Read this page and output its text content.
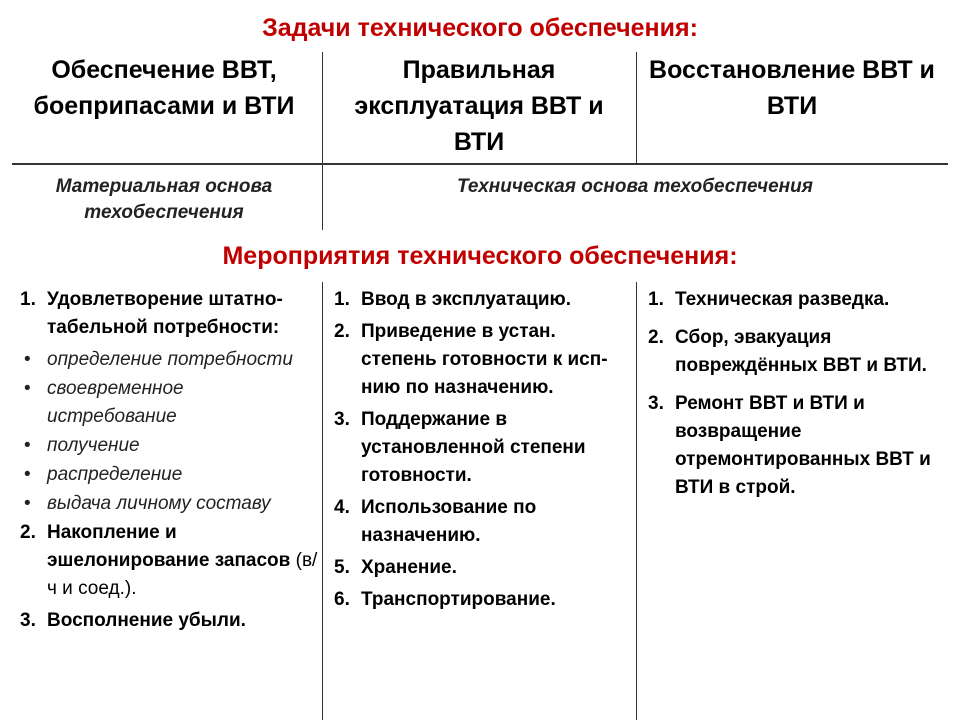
Задачи технического обеспечения:
Обеспечение ВВТ, боеприпасами и ВТИ
Правильная эксплуатация ВВТ и ВТИ
Восстановление ВВТ и ВТИ
Материальная основа техобеспечения
Техническая основа техобеспечения
Мероприятия технического обеспечения:
1. Удовлетворение штатно-табельной потребности:
• определение потребности
• своевременное истребование
• получение
• распределение
• выдача личному составу
2. Накопление и эшелонирование запасов (в/ч и соед.).
3. Восполнение убыли.
1. Ввод в эксплуатацию.
2. Приведение в устан. степень готовности к исп-нию по назначению.
3. Поддержание в установленной степени готовности.
4. Использование по назначению.
5. Хранение.
6. Транспортирование.
1. Техническая разведка.
2. Сбор, эвакуация повреждённых ВВТ и ВТИ.
3. Ремонт ВВТ и ВТИ и возвращение отремонтированных ВВТ и ВТИ в строй.
